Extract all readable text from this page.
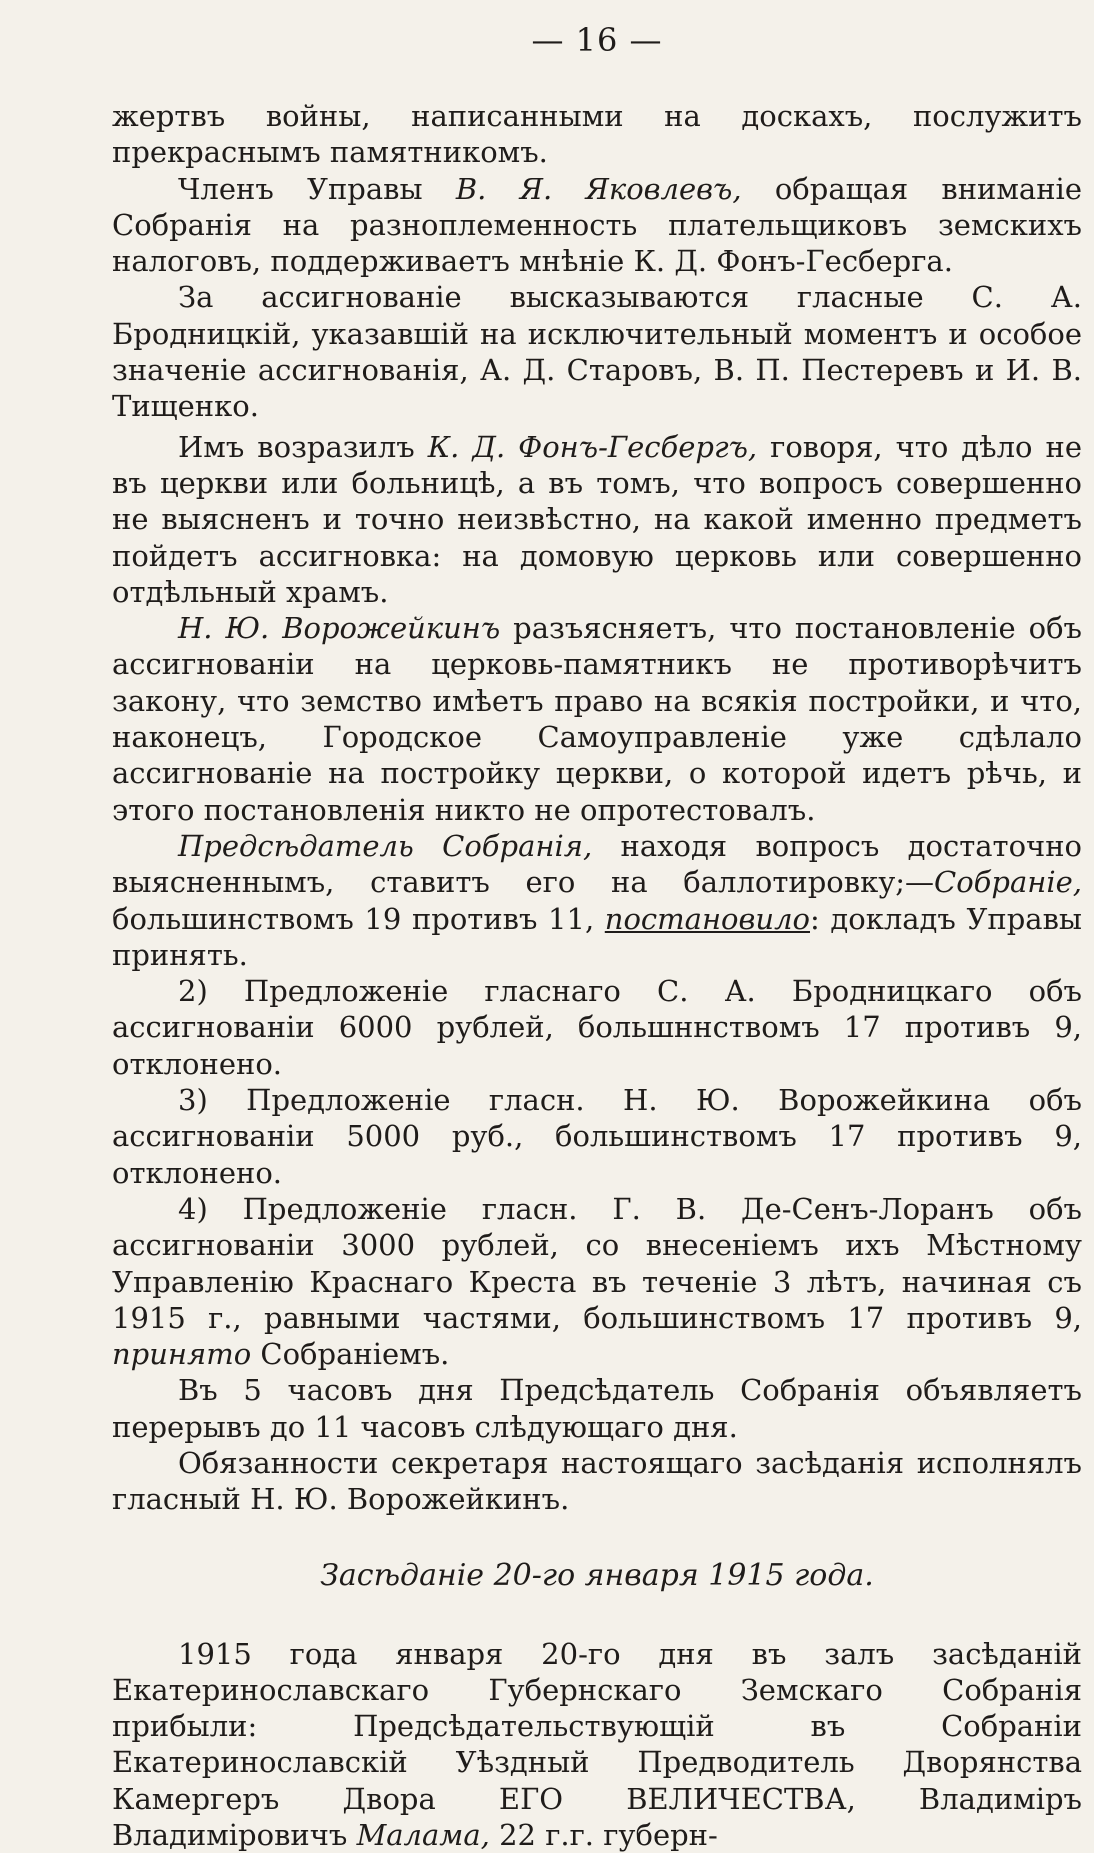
— 16 —

жертвъ войны, написанными на доскахъ, послужитъ прекраснымъ памятникомъ.

Членъ Управы В. Я. Яковлевъ, обращая вниманіе Собранія на разноплеменность плательщиковъ земскихъ налоговъ, поддерживаетъ мнѣніе К. Д. Фонъ-Гесберга.

За ассигнованіе высказываются гласные С. А. Бродницкій, указавшій на исключительный моментъ и особое значеніе ассигнованія, А. Д. Старовъ, В. П. Пестеревъ и И. В. Тищенко.

Имъ возразилъ К. Д. Фонъ-Гесбергъ, говоря, что дѣло не въ церкви или больницѣ, а въ томъ, что вопросъ совершенно не выясненъ и точно неизвѣстно, на какой именно предметъ пойдетъ ассигновка: на домовую церковь или совершенно отдѣльный храмъ.

Н. Ю. Ворожейкинъ разъясняетъ, что постановленіе объ ассигнованіи на церковь-памятникъ не противорѣчитъ закону, что земство имѣетъ право на всякія постройки, и что, наконецъ, Городское Самоуправленіе уже сдѣлало ассигнованіе на постройку церкви, о которой идетъ рѣчь, и этого постановленія никто не опротестовалъ.

Предсѣдатель Собранія, находя вопросъ достаточно выясненнымъ, ставитъ его на баллотировку;—Собраніе, большинствомъ 19 противъ 11, постановило: докладъ Управы принять.

2) Предложеніе гласнаго С. А. Бродницкаго объ ассигнованіи 6000 рублей, большннствомъ 17 противъ 9, отклонено.

3) Предложеніе гласн. Н. Ю. Ворожейкина объ ассигнованіи 5000 руб., большинствомъ 17 противъ 9, отклонено.

4) Предложеніе гласн. Г. В. Де-Сенъ-Лоранъ объ ассигнованіи 3000 рублей, со внесеніемъ ихъ Мѣстному Управленію Краснаго Креста въ теченіе 3 лѣтъ, начиная съ 1915 г., равными частями, большинствомъ 17 противъ 9, принято Собраніемъ.

Въ 5 часовъ дня Предсѣдатель Собранія объявляетъ перерывъ до 11 часовъ слѣдующаго дня.

Обязанности секретаря настоящаго засѣданія исполнялъ гласный Н. Ю. Ворожейкинъ.

Засѣданіе 20-го января 1915 года.

1915 года января 20-го дня въ залъ засѣданій Екатеринославскаго Губернскаго Земскаго Собранія прибыли: Предсѣдательствующій въ Собраніи Екатеринославскій Уѣздный Предводитель Дворянства Камергеръ Двора ЕГО ВЕЛИЧЕСТВА, Владиміръ Владиміровичъ Малама, 22 г.г. губерн-
